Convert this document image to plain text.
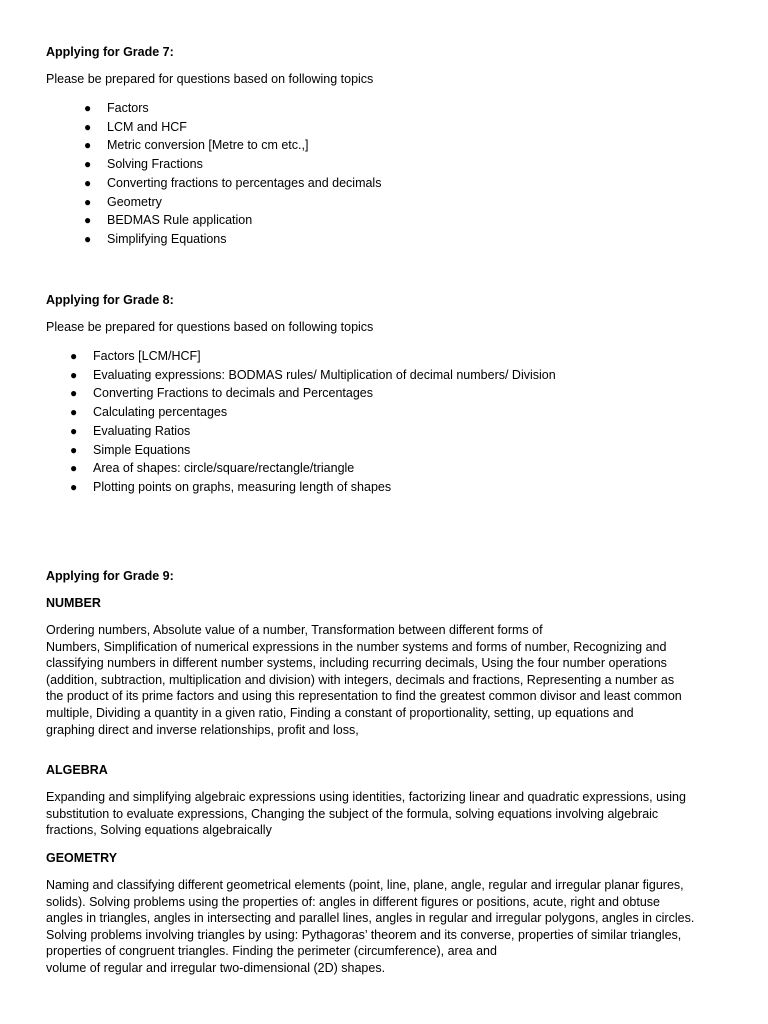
Applying for Grade 7:
Please be prepared for questions based on following topics
● Factors
● LCM and HCF
● Metric conversion [Metre to cm etc.,]
● Solving Fractions
● Converting fractions to percentages and decimals
● Geometry
● BEDMAS Rule application
● Simplifying Equations
Applying for Grade 8:
Please be prepared for questions based on following topics
● Factors [LCM/HCF]
● Evaluating expressions: BODMAS rules/ Multiplication of decimal numbers/ Division
● Converting Fractions to decimals and Percentages
● Calculating percentages
● Evaluating Ratios
● Simple Equations
● Area of shapes: circle/square/rectangle/triangle
● Plotting points on graphs, measuring length of shapes
Applying for Grade 9:
NUMBER
Ordering numbers, Absolute value of a number, Transformation between different forms of
Numbers, Simplification of numerical expressions in the number systems and forms of number, Recognizing and
classifying numbers in different number systems, including recurring decimals, Using the four number operations
(addition, subtraction, multiplication and division) with integers, decimals and fractions, Representing a number as
the product of its prime factors and using this representation to find the greatest common divisor and least common
multiple, Dividing a quantity in a given ratio, Finding a constant of proportionality, setting, up equations and
graphing direct and inverse relationships, profit and loss,
ALGEBRA
Expanding and simplifying algebraic expressions using identities, factorizing linear and quadratic expressions, using
substitution to evaluate expressions, Changing the subject of the formula, solving equations involving algebraic
fractions, Solving equations algebraically
GEOMETRY
Naming and classifying different geometrical elements (point, line, plane, angle, regular and irregular planar figures,
solids). Solving problems using the properties of: angles in different figures or positions, acute, right and obtuse
angles in triangles, angles in intersecting and parallel lines, angles in regular and irregular polygons, angles in circles.
Solving problems involving triangles by using: Pythagoras’ theorem and its converse, properties of similar triangles,
properties of congruent triangles. Finding the perimeter (circumference), area and
volume of regular and irregular two-dimensional (2D) shapes.
